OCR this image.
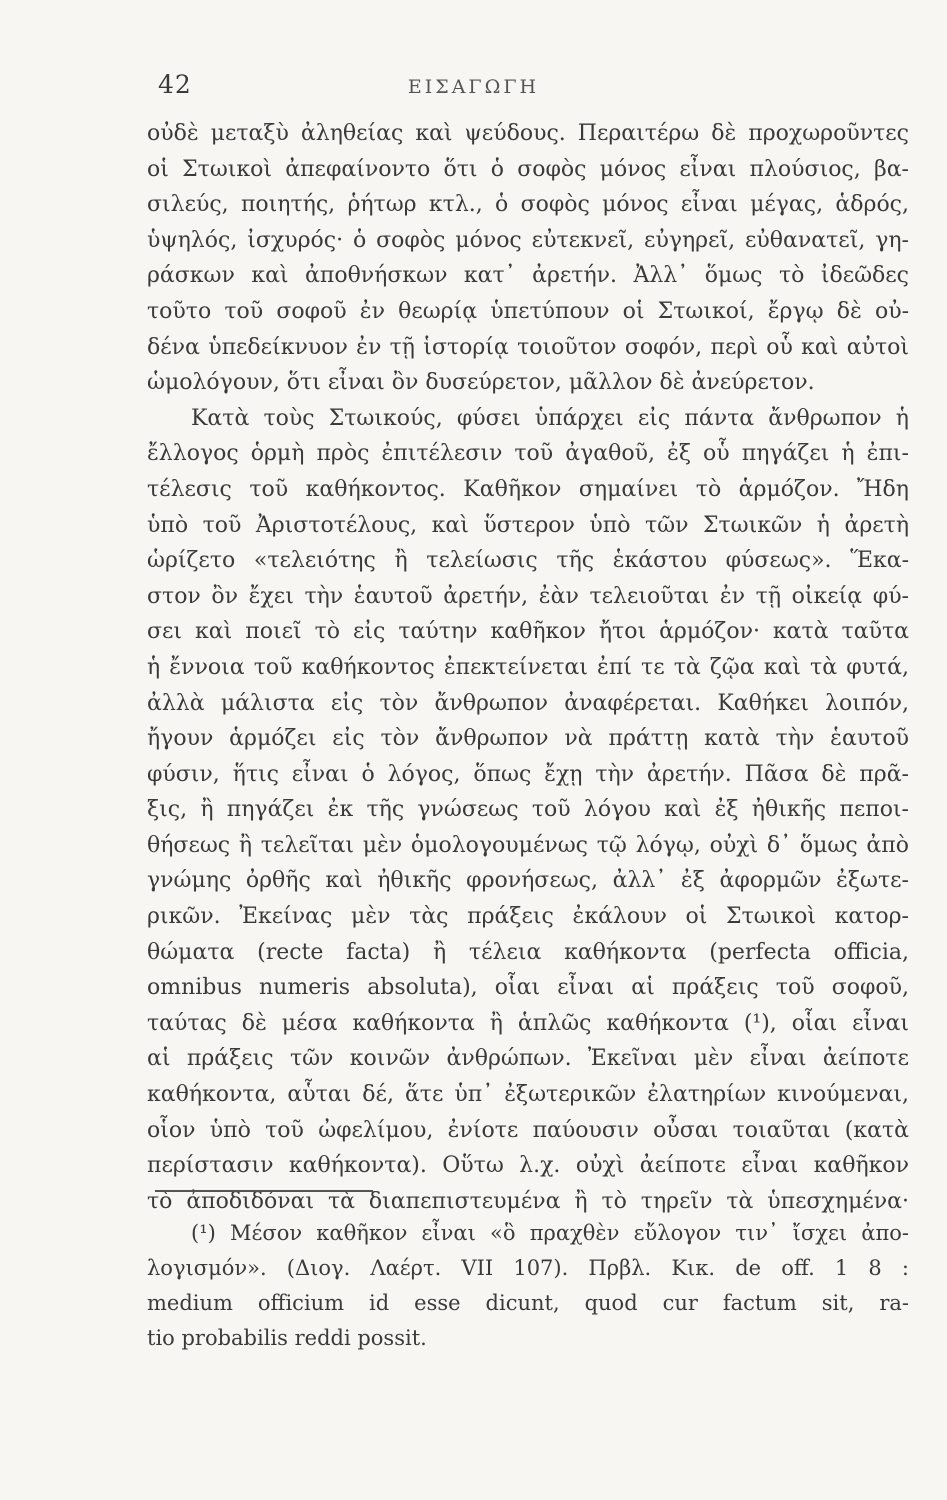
42	ΕΙΣΑΓΩΓΗ
οὐδὲ μεταξὺ ἀληθείας καὶ ψεύδους. Περαιτέρω δὲ προχωροῦντες
οἱ Στωικοὶ ἀπεφαίνοντο ὅτι ὁ σοφὸς μόνος εἶναι πλούσιος, βα-
σιλεύς, ποιητής, ῥήτωρ κτλ., ὁ σοφὸς μόνος εἶναι μέγας, ἁδρός,
ὑψηλός, ἰσχυρός· ὁ σοφὸς μόνος εὐτεκνεῖ, εὐγηρεῖ, εὐθανατεῖ, γη-
ράσκων καὶ ἀποθνήσκων κατ᾽ ἀρετήν. Ἀλλ᾽ ὅμως τὸ ἰδεῶδες
τοῦτο τοῦ σοφοῦ ἐν θεωρίᾳ ὑπετύπουν οἱ Στωικοί, ἔργῳ δὲ οὐ-
δένα ὑπεδείκνυον ἐν τῇ ἱστορίᾳ τοιοῦτον σοφόν, περὶ οὗ καὶ αὐτοὶ
ὡμολόγουν, ὅτι εἶναι ὂν δυσεύρετον, μᾶλλον δὲ ἀνεύρετον.
Κατὰ τοὺς Στωικούς, φύσει ὑπάρχει εἰς πάντα ἄνθρωπον ἡ
ἔλλογος ὁρμὴ πρὸς ἐπιτέλεσιν τοῦ ἀγαθοῦ, ἐξ οὗ πηγάζει ἡ ἐπι-
τέλεσις τοῦ καθήκοντος. Καθῆκον σημαίνει τὸ ἁρμόζον. Ἤδη
ὑπὸ τοῦ Ἀριστοτέλους, καὶ ὕστερον ὑπὸ τῶν Στωικῶν ἡ ἀρετὴ
ὡρίζετο «τελειότης ἢ τελείωσις τῆς ἑκάστου φύσεως». Ἕκα-
στον ὂν ἔχει τὴν ἑαυτοῦ ἀρετήν, ἐὰν τελειοῦται ἐν τῇ οἰκείᾳ φύ-
σει καὶ ποιεῖ τὸ εἰς ταύτην καθῆκον ἤτοι ἁρμόζον· κατὰ ταῦτα
ἡ ἔννοια τοῦ καθήκοντος ἐπεκτείνεται ἐπί τε τὰ ζῷα καὶ τὰ φυτά,
ἀλλὰ μάλιστα εἰς τὸν ἄνθρωπον ἀναφέρεται. Καθήκει λοιπόν,
ἤγουν ἁρμόζει εἰς τὸν ἄνθρωπον νὰ πράττῃ κατὰ τὴν ἑαυτοῦ
φύσιν, ἥτις εἶναι ὁ λόγος, ὅπως ἔχῃ τὴν ἀρετήν. Πᾶσα δὲ πρᾶ-
ξις, ἢ πηγάζει ἐκ τῆς γνώσεως τοῦ λόγου καὶ ἐξ ἠθικῆς πεποι-
θήσεως ἢ τελεῖται μὲν ὁμολογουμένως τῷ λόγῳ, οὐχὶ δ᾽ ὅμως ἀπὸ
γνώμης ὀρθῆς καὶ ἠθικῆς φρονήσεως, ἀλλ᾽ ἐξ ἀφορμῶν ἐξωτε-
ρικῶν. Ἐκείνας μὲν τὰς πράξεις ἐκάλουν οἱ Στωικοὶ κατορ-
θώματα (recte facta) ἢ τέλεια καθήκοντα (perfecta officia,
omnibus numeris absoluta), οἷαι εἶναι αἱ πράξεις τοῦ σοφοῦ,
ταύτας δὲ μέσα καθήκοντα ἢ ἁπλῶς καθήκοντα (¹), οἷαι εἶναι
αἱ πράξεις τῶν κοινῶν ἀνθρώπων. Ἐκεῖναι μὲν εἶναι ἀείποτε
καθήκοντα, αὗται δέ, ἅτε ὑπ᾽ ἐξωτερικῶν ἐλατηρίων κινούμεναι,
οἷον ὑπὸ τοῦ ὠφελίμου, ἐνίοτε παύουσιν οὖσαι τοιαῦται (κατὰ
περίστασιν καθήκοντα). Οὕτω λ.χ. οὐχὶ ἀείποτε εἶναι καθῆκον
τὸ ἀποδιδόναι τὰ διαπεπιστευμένα ἢ τὸ τηρεῖν τὰ ὑπεσχημένα·
(¹) Μέσον καθῆκον εἶναι «ὃ πραχθὲν εὔλογον τιν᾽ ἴσχει ἀπο-
λογισμόν». (Διογ. Λαέρτ. VII 107). Πρβλ. Κικ. de off. 1 8 :
medium officium id esse dicunt, quod cur factum sit, ra-
tio probabilis reddi possit.
